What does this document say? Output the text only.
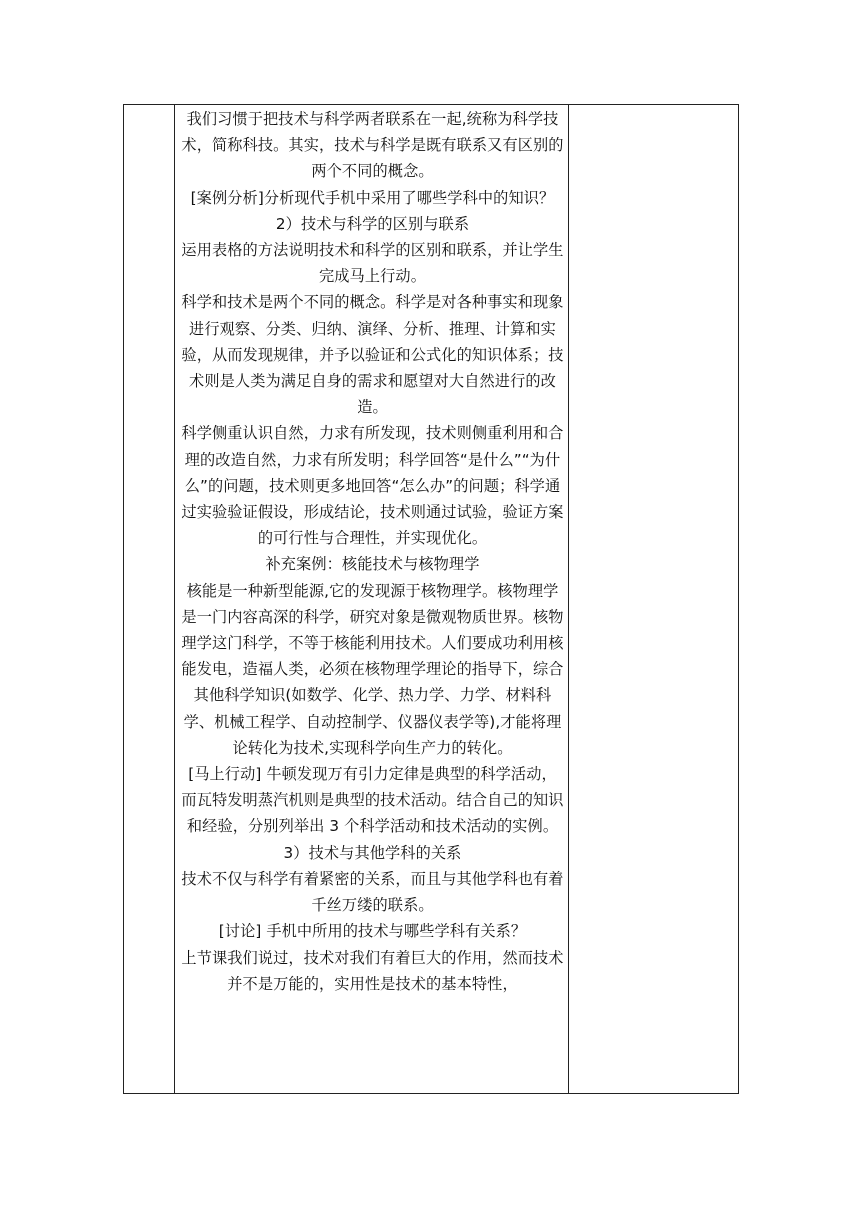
我们习惯于把技术与科学两者联系在一起,统称为科学技术，简称科技。其实，技术与科学是既有联系又有区别的两个不同的概念。

[案例分析]分析现代手机中采用了哪些学科中的知识？

2）技术与科学的区别与联系

运用表格的方法说明技术和科学的区别和联系，并让学生完成马上行动。

科学和技术是两个不同的概念。科学是对各种事实和现象进行观察、分类、归纳、演绎、分析、推理、计算和实验，从而发现规律，并予以验证和公式化的知识体系；技术则是人类为满足自身的需求和愿望对大自然进行的改造。

科学侧重认识自然，力求有所发现，技术则侧重利用和合理的改造自然，力求有所发明；科学回答“是什么”“为什么”的问题，技术则更多地回答“怎么办”的问题；科学通过实验验证假设，形成结论，技术则通过试验，验证方案的可行性与合理性，并实现优化。

补充案例：核能技术与核物理学

核能是一种新型能源,它的发现源于核物理学。核物理学是一门内容高深的科学，研究对象是微观物质世界。核物理学这门科学，不等于核能利用技术。人们要成功利用核能发电，造福人类，必须在核物理学理论的指导下，综合其他科学知识(如数学、化学、热力学、力学、材料科学、机械工程学、自动控制学、仪器仪表学等),才能将理论转化为技术,实现科学向生产力的转化。

[马上行动] 牛顿发现万有引力定律是典型的科学活动，而瓦特发明蒸汽机则是典型的技术活动。结合自己的知识和经验，分别列举出 3 个科学活动和技术活动的实例。

3）技术与其他学科的关系

技术不仅与科学有着紧密的关系，而且与其他学科也有着千丝万缕的联系。

[讨论] 手机中所用的技术与哪些学科有关系？

上节课我们说过，技术对我们有着巨大的作用，然而技术并不是万能的，实用性是技术的基本特性，
